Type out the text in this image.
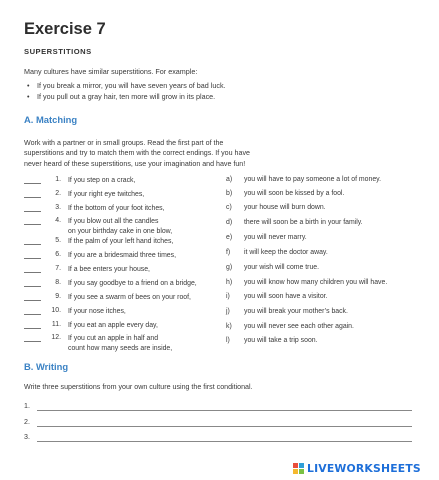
Exercise 7
SUPERSTITIONS
Many cultures have similar superstitions. For example:
• If you break a mirror, you will have seven years of bad luck.
• If you pull out a gray hair, ten more will grow in its place.
A. Matching
Work with a partner or in small groups. Read the first part of the superstitions and try to match them with the correct endings. If you have never heard of these superstitions, use your imagination and have fun!
1. If you step on a crack,
2. If your right eye twitches,
3. If the bottom of your foot itches,
4. If you blow out all the candles
on your birthday cake in one blow,
5. If the palm of your left hand itches,
6. If you are a bridesmaid three times,
7. If a bee enters your house,
8. If you say goodbye to a friend on a bridge,
9. If you see a swarm of bees on your roof,
10. If your nose itches,
11. If you eat an apple every day,
12. If you cut an apple in half and
count how many seeds are inside,
a)	you will have to pay someone a lot of money.
b)	you will soon be kissed by a fool.
c)	your house will burn down.
d)	there will soon be a birth in your family.
e)	you will never marry.
f)	it will keep the doctor away.
g)	your wish will come true.
h)	you will know how many children you will have.
i)	you will soon have a visitor.
j)	you will break your mother’s back.
k)	you will never see each other again.
l)	you will take a trip soon.
B. Writing
Write three superstitions from your own culture using the first conditional.
1.
2.
3.
LIVEWORKSHEETS
